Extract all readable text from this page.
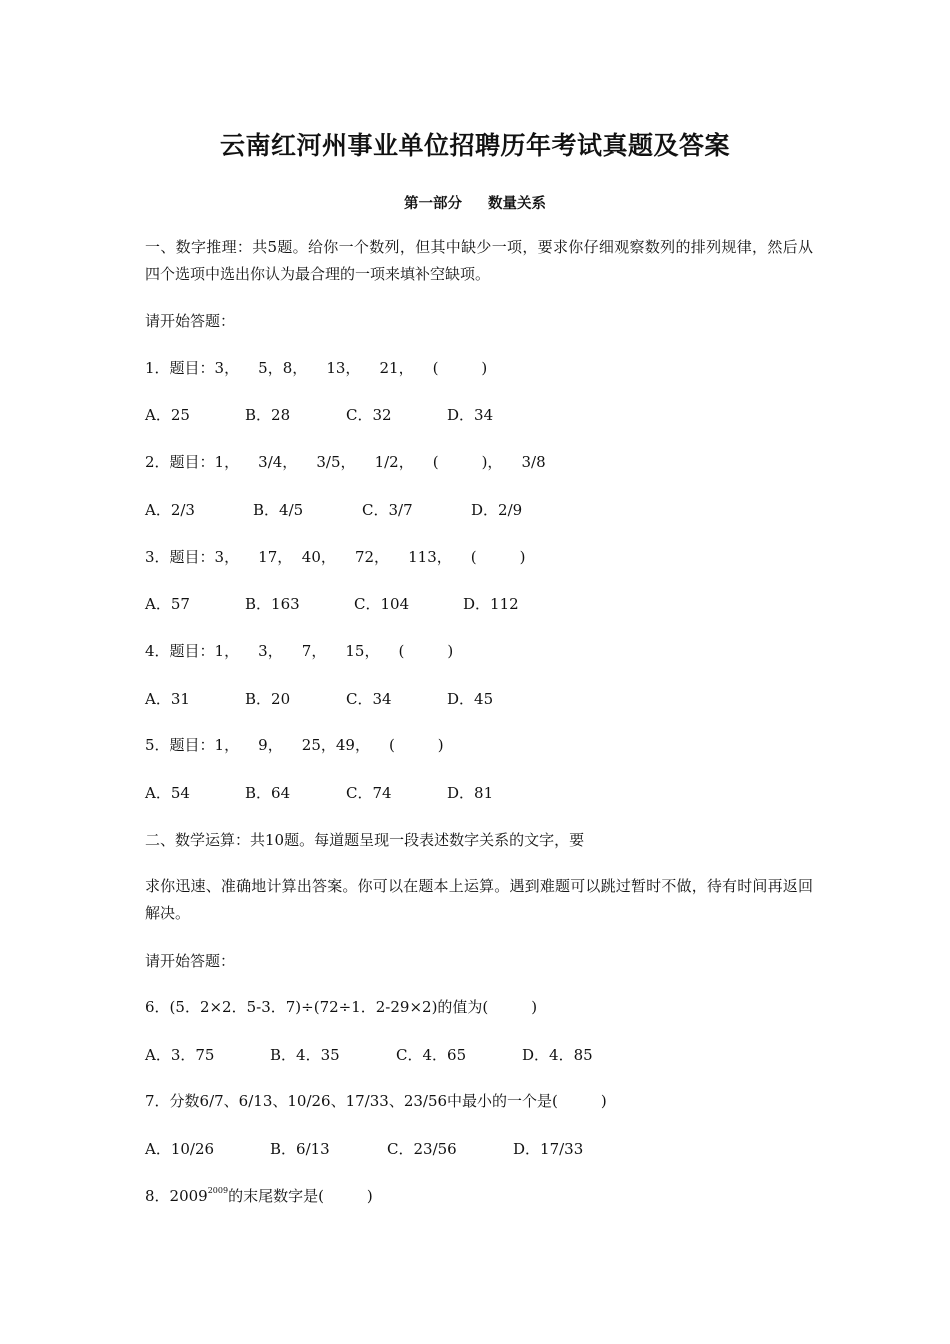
云南红河州事业单位招聘历年考试真题及答案
第一部分 数量关系
一、数字推理：共5题。给你一个数列，但其中缺少一项，要求你仔细观察数列的排列规律，然后从四个选项中选出你认为最合理的一项来填补空缺项。
请开始答题：
1．题目：3，    5，8，    13，    21，    (         )
A．25	B．28	C．32	D．34
2．题目：1，    3/4，    3/5，    1/2，    (         )，    3/8
A．2/3	B．4/5	C．3/7	D．2/9
3．题目：3，    17，  40，    72，    113，    (         )
A．57	B．163	C．104	D．112
4．题目：1，    3，    7，    15，    (         )
A．31	B．20	C．34	D．45
5．题目：1，    9，    25，49，    (         )
A．54	B．64	C．74	D．81
二、数学运算：共10题。每道题呈现一段表述数字关系的文字，要
求你迅速、准确地计算出答案。你可以在题本上运算。遇到难题可以跳过暂时不做，待有时间再返回解决。
请开始答题：
6．(5．2×2．5-3．7)÷(72÷1．2-29×2)的值为(         )
A．3．75	B．4．35	C．4．65	D．4．85
7．分数6/7、6/13、10/26、17/33、23/56中最小的一个是(         )
A．10/26	B．6/13	C．23/56	D．17/33
8．$2009^{2009}$的末尾数字是(         )
